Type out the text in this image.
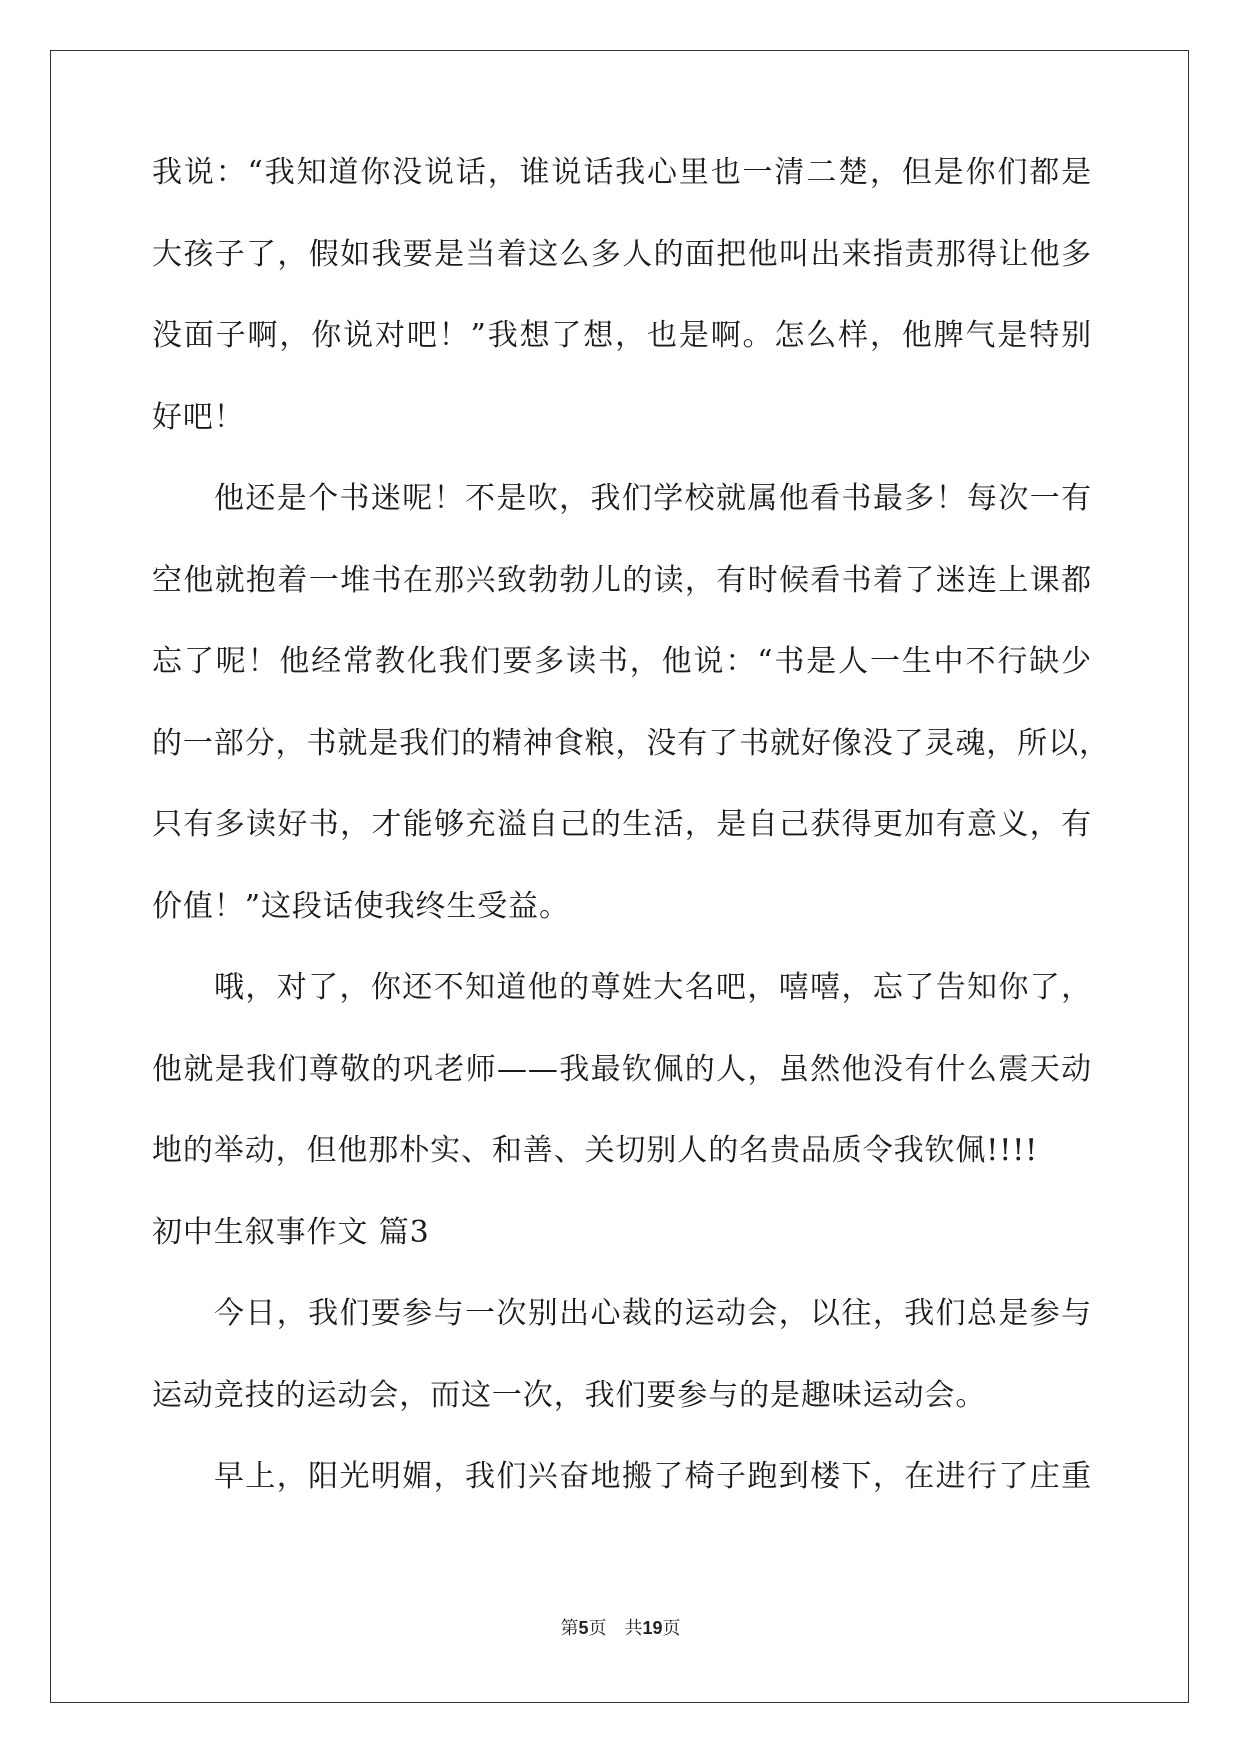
我说：“我知道你没说话，谁说话我心里也一清二楚，但是你们都是
大孩子了，假如我要是当着这么多人的面把他叫出来指责那得让他多
没面子啊，你说对吧！”我想了想，也是啊。怎么样，他脾气是特别
好吧！
他还是个书迷呢！不是吹，我们学校就属他看书最多！每次一有
空他就抱着一堆书在那兴致勃勃儿的读，有时候看书着了迷连上课都
忘了呢！他经常教化我们要多读书，他说：“书是人一生中不行缺少
的一部分，书就是我们的精神食粮，没有了书就好像没了灵魂，所以，
只有多读好书，才能够充溢自己的生活，是自己获得更加有意义，有
价值！”这段话使我终生受益。
哦，对了，你还不知道他的尊姓大名吧，嘻嘻，忘了告知你了，
他就是我们尊敬的巩老师——我最钦佩的人，虽然他没有什么震天动
地的举动，但他那朴实、和善、关切别人的名贵品质令我钦佩!!!!
初中生叙事作文 篇3
今日，我们要参与一次别出心裁的运动会，以往，我们总是参与
运动竞技的运动会，而这一次，我们要参与的是趣味运动会。
早上，阳光明媚，我们兴奋地搬了椅子跑到楼下，在进行了庄重
第5页 共19页
